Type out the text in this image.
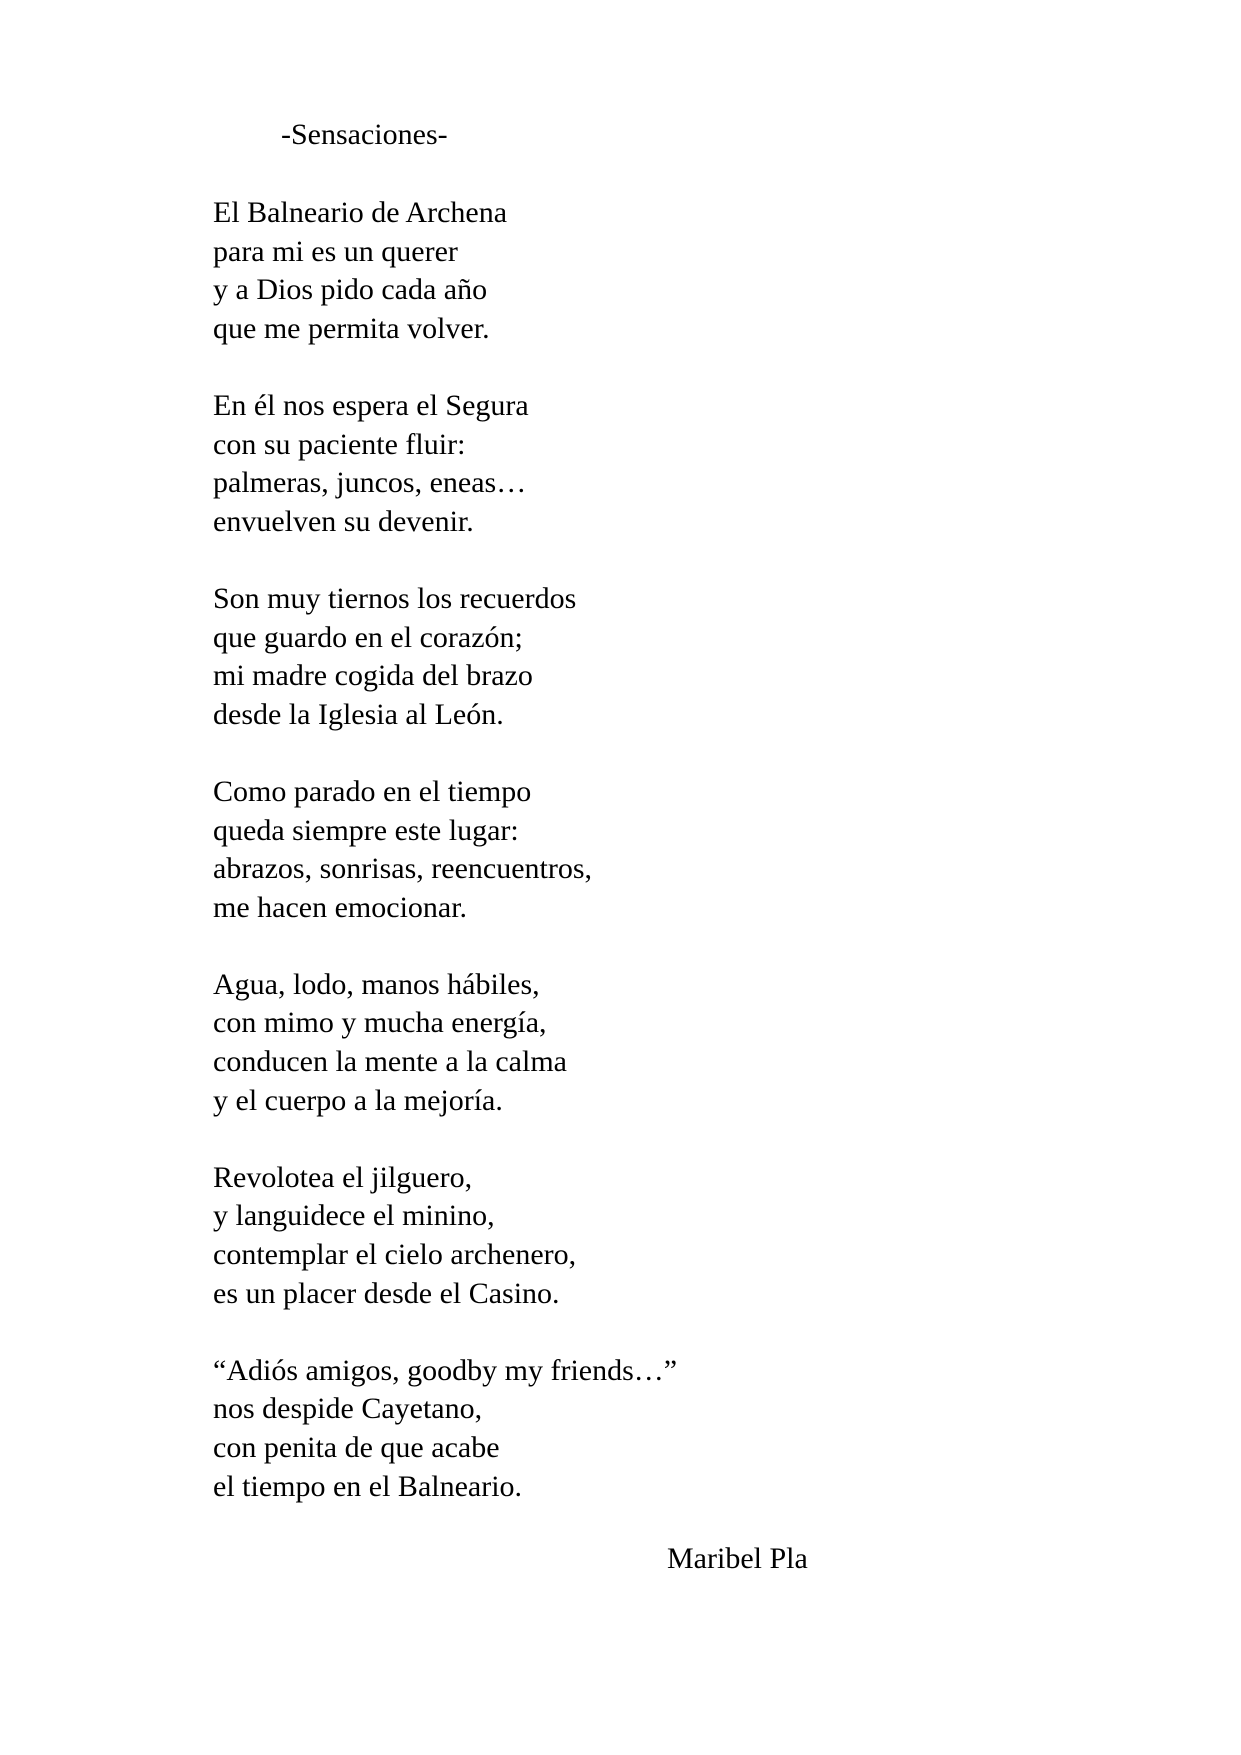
-Sensaciones-
El Balneario de Archena
para mi es un querer
y a Dios pido cada año
que me permita volver.
En él nos espera el Segura
con su paciente fluir:
palmeras, juncos, eneas…
envuelven su devenir.
Son muy tiernos los recuerdos
que guardo en el corazón;
mi madre cogida del brazo
desde la Iglesia al León.
Como parado en el tiempo
queda siempre este lugar:
abrazos, sonrisas, reencuentros,
me hacen emocionar.
Agua, lodo, manos hábiles,
con mimo y mucha energía,
conducen la mente a la calma
y el cuerpo a la mejoría.
Revolotea el jilguero,
y languidece el minino,
contemplar el cielo archenero,
es un placer desde el Casino.
“Adiós amigos, goodby my friends…”
nos despide Cayetano,
con penita de que acabe
el tiempo en el Balneario.

Maribel Pla
